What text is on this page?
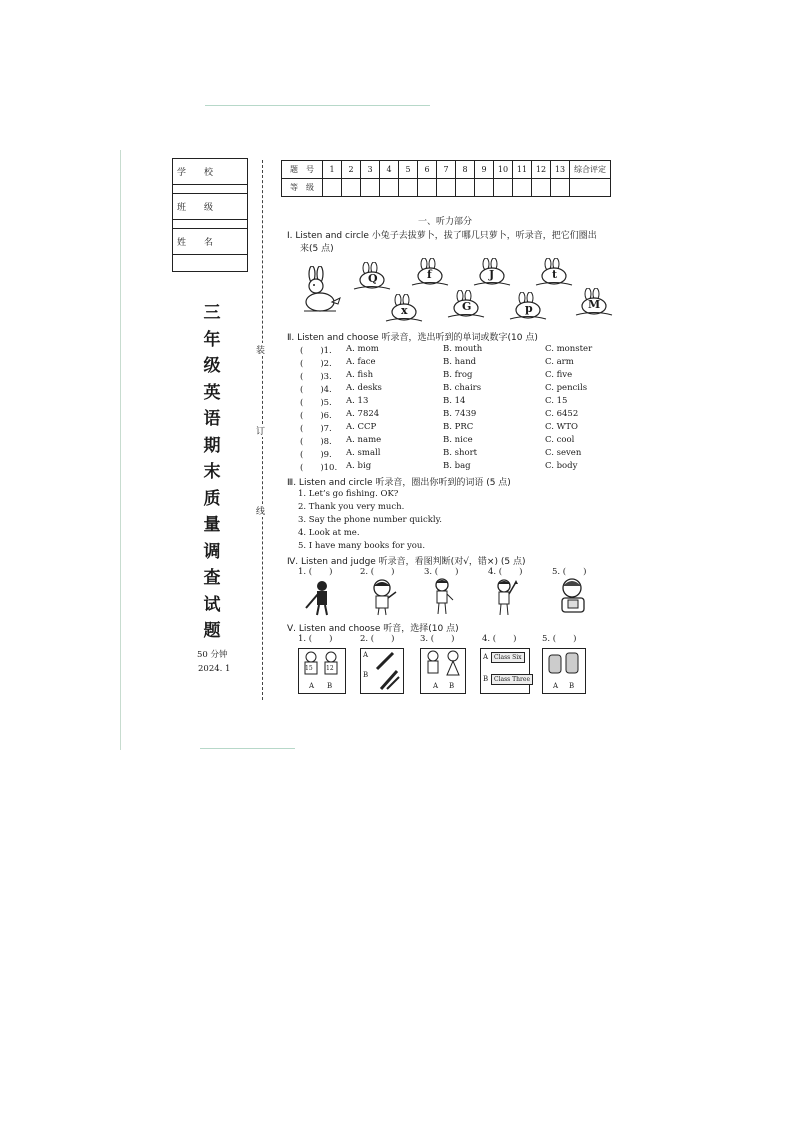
学　　校

班　　级

姓　　名

三
年
级
英
语
期
末
质
量
调
查
试
题
50 分钟
2024. 1
装
订
线
题　号	1	2	3	4	5	6	7	8	9	10	11	12	13	综合评定
等　级														
一、听力部分
Ⅰ. Listen and circle 小兔子去拔萝卜，拔了哪几只萝卜，听录音，把它们圈出
来(5 点)
Q	f	J	t
x	G	p	M
Ⅱ. Listen and choose 听录音，选出听到的单词或数字(10 点)
(　　)1. A. mom	B. mouth	C. monster
(　　)2. A. face	B. hand	C. arm
(　　)3. A. fish	B. frog	C. five
(　　)4. A. desks	B. chairs	C. pencils
(　　)5. A. 13	B. 14	C. 15
(　　)6. A. 7824	B. 7439	C. 6452
(　　)7. A. CCP	B. PRC	C. WTO
(　　)8. A. name	B. nice	C. cool
(　　)9. A. small	B. short	C. seven
(　　)10. A. big	B. bag	C. body
Ⅲ. Listen and circle 听录音，圈出你听到的词语 (5 点)
1. Let’s go fishing. OK?
2. Thank you very much.
3. Say the phone number quickly.
4. Look at me.
5. I have many books for you.
Ⅳ. Listen and judge 听录音，看图判断(对√，错×) (5 点)
1. (　　)	2. (　　)	3. (　　)	4. (　　)	5. (　　)
Ⅴ. Listen and choose 听音，选择(10 点)
1. (　　)	2. (　　)	3. (　　)	4. (　　)	5. (　　)
15 12
A B
A
B
A B
A
B
Class Six
Class Three
A B
